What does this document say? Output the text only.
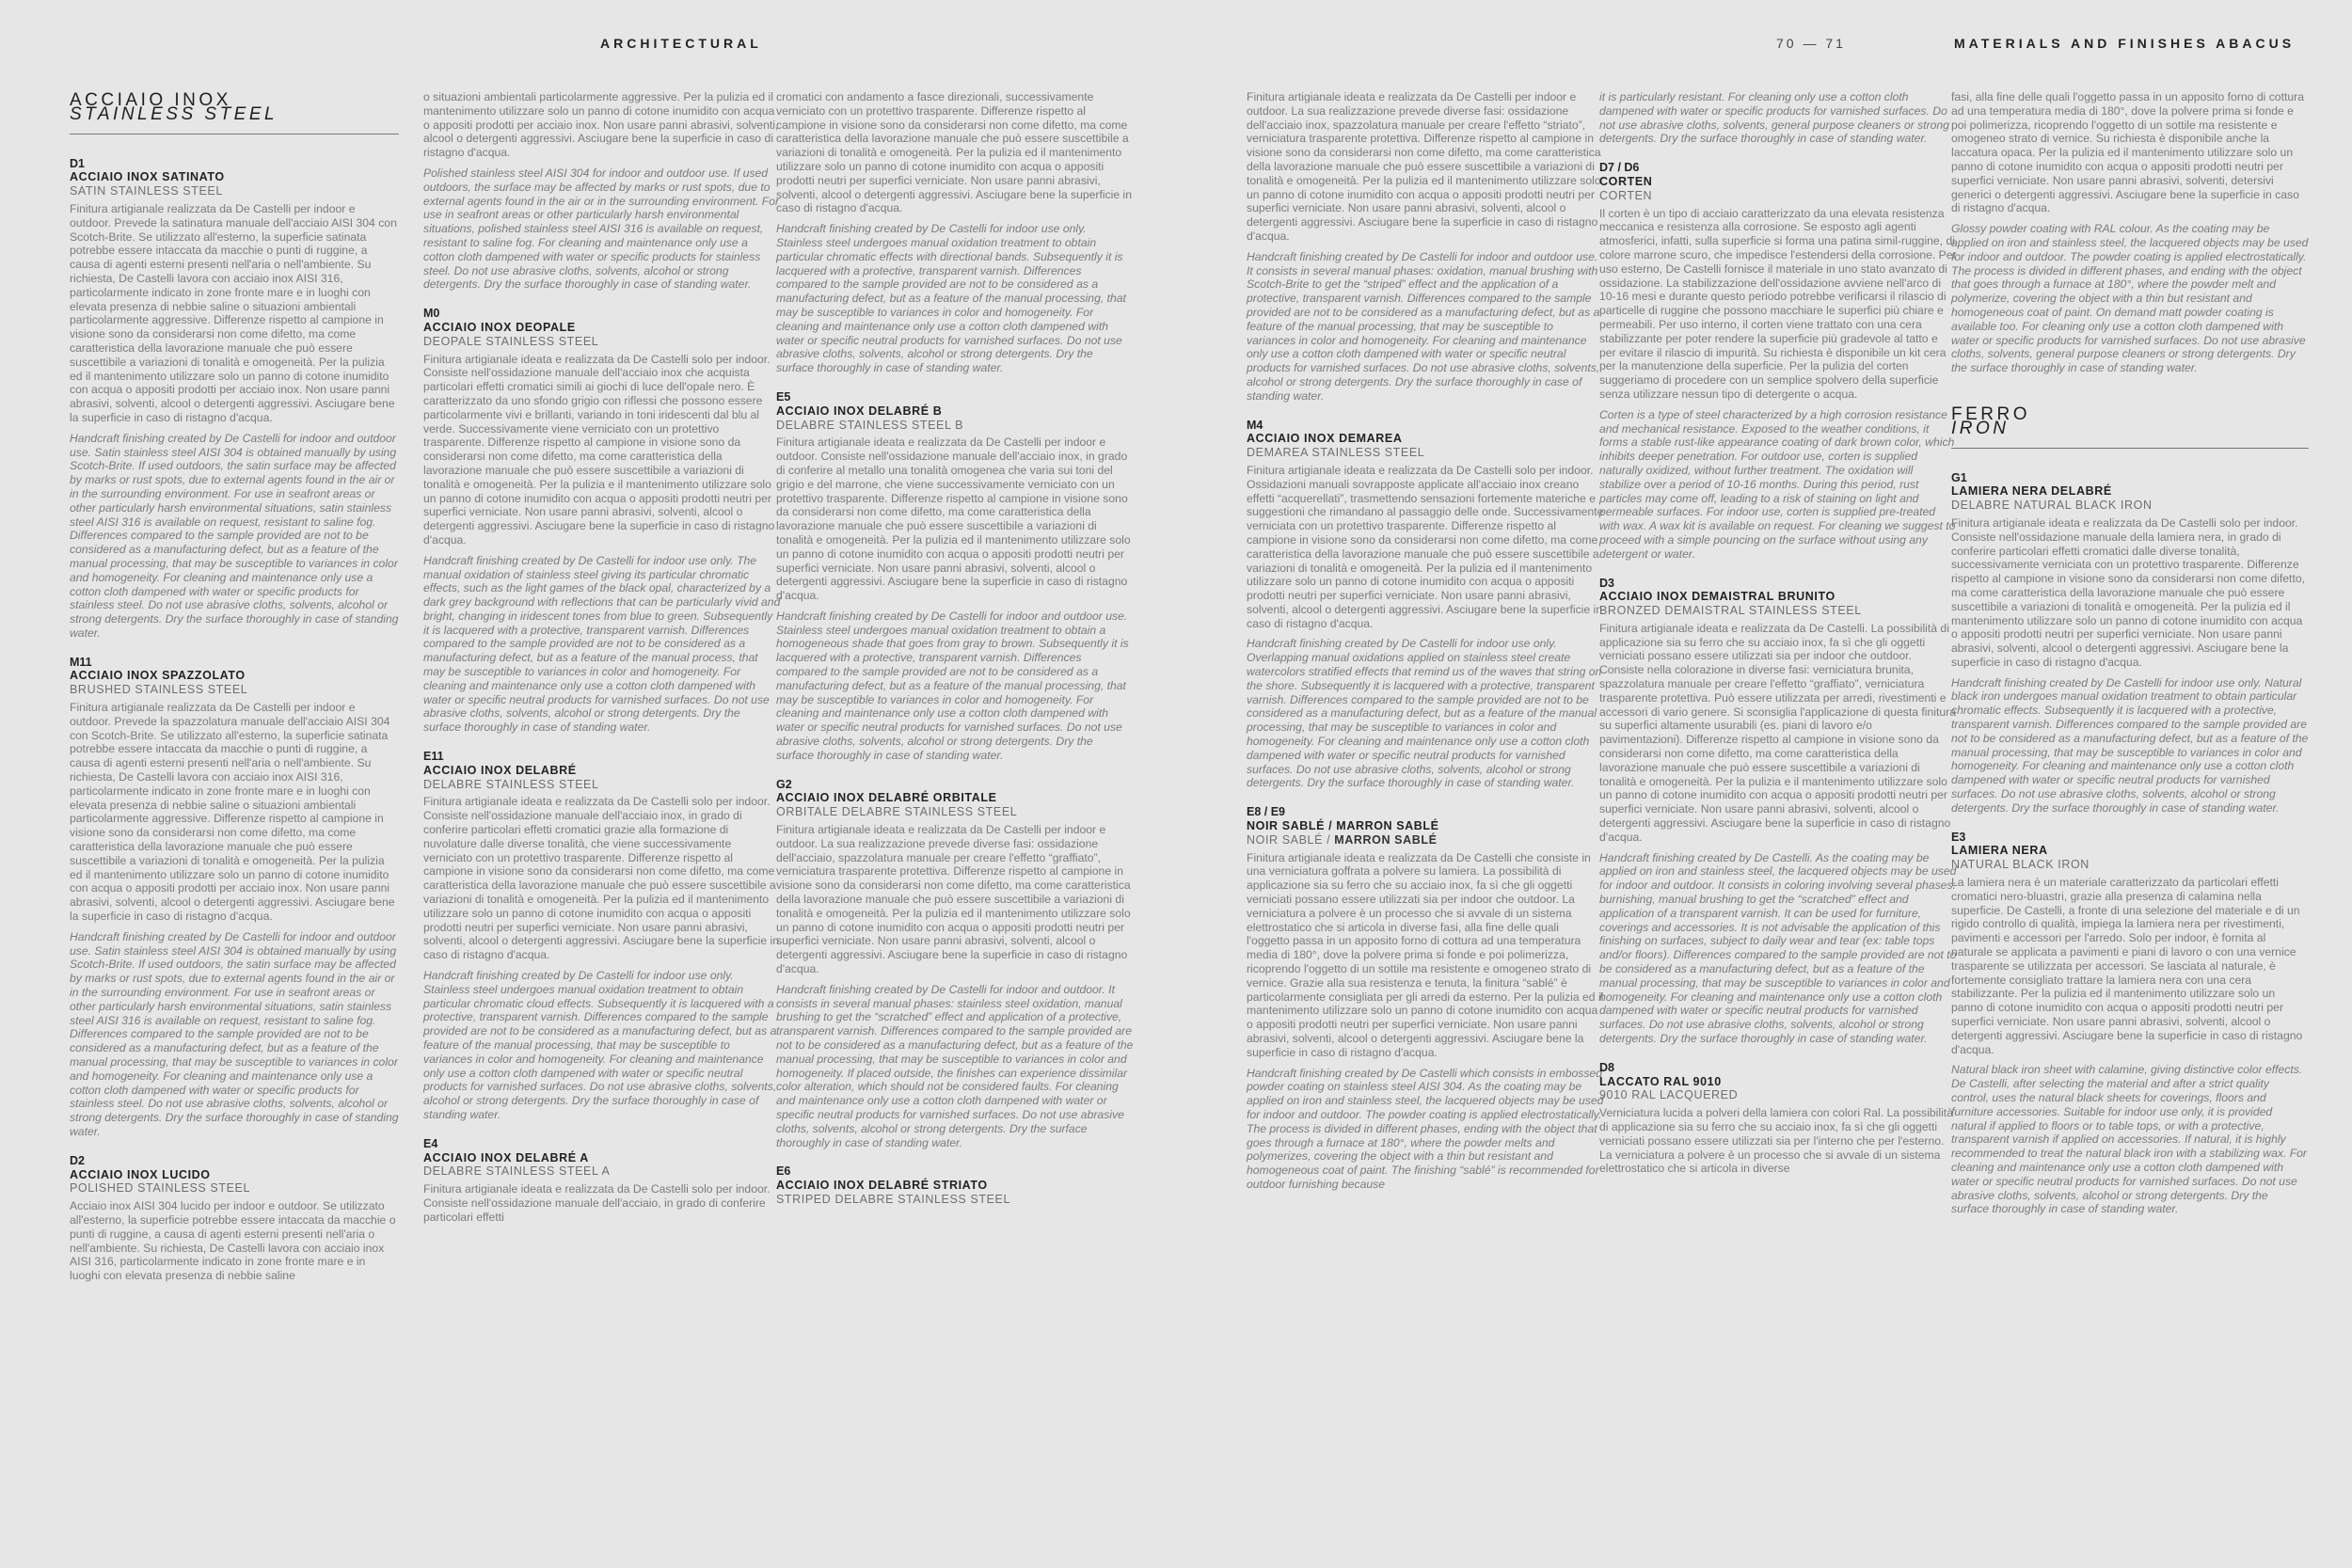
ARCHITECTURAL	70 — 71	MATERIALS AND FINISHES ABACUS
ACCIAIO INOX
STAINLESS STEEL
D1
ACCIAIO INOX SATINATO
SATIN STAINLESS STEEL

Finitura artigianale realizzata da De Castelli per indoor e outdoor. Prevede la satinatura manuale dell'acciaio AISI 304 con Scotch-Brite. Se utilizzato all'esterno, la superficie satinata potrebbe essere intaccata da macchie o punti di ruggine, a causa di agenti esterni presenti nell'aria o nell'ambiente. Su richiesta, De Castelli lavora con acciaio inox AISI 316, particolarmente indicato in zone fronte mare e in luoghi con elevata presenza di nebbie saline o situazioni ambientali particolarmente aggressive. Differenze rispetto al campione in visione sono da considerarsi non come difetto, ma come caratteristica della lavorazione manuale che può essere suscettibile a variazioni di tonalità e omogeneità. Per la pulizia ed il mantenimento utilizzare solo un panno di cotone inumidito con acqua o appositi prodotti per acciaio inox. Non usare panni abrasivi, solventi, alcool o detergenti aggressivi. Asciugare bene la superficie in caso di ristagno d'acqua.

Handcraft finishing created by De Castelli for indoor and outdoor use. Satin stainless steel AISI 304 is obtained manually by using Scotch-Brite. If used outdoors, the satin surface may be affected by marks or rust spots, due to external agents found in the air or in the surrounding environment. For use in seafront areas or other particularly harsh environmental situations, satin stainless steel AISI 316 is available on request, resistant to saline fog. Differences compared to the sample provided are not to be considered as a manufacturing defect, but as a feature of the manual processing, that may be susceptible to variances in color and homogeneity. For cleaning and maintenance only use a cotton cloth dampened with water or specific products for stainless steel. Do not use abrasive cloths, solvents, alcohol or strong detergents. Dry the surface thoroughly in case of standing water.

M11
ACCIAIO INOX SPAZZOLATO
BRUSHED STAINLESS STEEL

Finitura artigianale realizzata da De Castelli per indoor e outdoor. Prevede la spazzolatura manuale dell'acciaio AISI 304 con Scotch-Brite. Se utilizzato all'esterno, la superficie satinata potrebbe essere intaccata da macchie o punti di ruggine, a causa di agenti esterni presenti nell'aria o nell'ambiente. Su richiesta, De Castelli lavora con acciaio inox AISI 316, particolarmente indicato in zone fronte mare e in luoghi con elevata presenza di nebbie saline o situazioni ambientali particolarmente aggressive. Differenze rispetto al campione in visione sono da considerarsi non come difetto, ma come caratteristica della lavorazione manuale che può essere suscettibile a variazioni di tonalità e omogeneità. Per la pulizia ed il mantenimento utilizzare solo un panno di cotone inumidito con acqua o appositi prodotti per acciaio inox. Non usare panni abrasivi, solventi, alcool o detergenti aggressivi. Asciugare bene la superficie in caso di ristagno d'acqua.

Handcraft finishing created by De Castelli for indoor and outdoor use. Satin stainless steel AISI 304 is obtained manually by using Scotch-Brite. If used outdoors, the satin surface may be affected by marks or rust spots, due to external agents found in the air or in the surrounding environment. For use in seafront areas or other particularly harsh environmental situations, satin stainless steel AISI 316 is available on request, resistant to saline fog. Differences compared to the sample provided are not to be considered as a manufacturing defect, but as a feature of the manual processing, that may be susceptible to variances in color and homogeneity. For cleaning and maintenance only use a cotton cloth dampened with water or specific products for stainless steel. Do not use abrasive cloths, solvents, alcohol or strong detergents. Dry the surface thoroughly in case of standing water.

D2
ACCIAIO INOX LUCIDO
POLISHED STAINLESS STEEL

Acciaio inox AISI 304 lucido per indoor e outdoor. Se utilizzato all'esterno, la superficie potrebbe essere intaccata da macchie o punti di ruggine, a causa di agenti esterni presenti nell'aria o nell'ambiente. Su richiesta, De Castelli lavora con acciaio inox AISI 316, particolarmente indicato in zone fronte mare e in luoghi con elevata presenza di nebbie saline

o situazioni ambientali particolarmente aggressive. Per la pulizia ed il mantenimento utilizzare solo un panno di cotone inumidito con acqua o appositi prodotti per acciaio inox. Non usare panni abrasivi, solventi, alcool o detergenti aggressivi. Asciugare bene la superficie in caso di ristagno d'acqua.

Polished stainless steel AISI 304 for indoor and outdoor use. If used outdoors, the surface may be affected by marks or rust spots, due to external agents found in the air or in the surrounding environment. For use in seafront areas or other particularly harsh environmental situations, polished stainless steel AISI 316 is available on request, resistant to saline fog. For cleaning and maintenance only use a cotton cloth dampened with water or specific products for stainless steel. Do not use abrasive cloths, solvents, alcohol or strong detergents. Dry the surface thoroughly in case of standing water.

M0
ACCIAIO INOX DEOPALE
DEOPALE STAINLESS STEEL

Finitura artigianale ideata e realizzata da De Castelli solo per indoor. Consiste nell'ossidazione manuale dell'acciaio inox che acquista particolari effetti cromatici simili ai giochi di luce dell'opale nero. È caratterizzato da uno sfondo grigio con riflessi che possono essere particolarmente vivi e brillanti, variando in toni iridescenti dal blu al verde. Successivamente viene verniciato con un protettivo trasparente. Differenze rispetto al campione in visione sono da considerarsi non come difetto, ma come caratteristica della lavorazione manuale che può essere suscettibile a variazioni di tonalità e omogeneità. Per la pulizia e il mantenimento utilizzare solo un panno di cotone inumidito con acqua o appositi prodotti neutri per superfici verniciate. Non usare panni abrasivi, solventi, alcool o detergenti aggressivi. Asciugare bene la superficie in caso di ristagno d'acqua.

Handcraft finishing created by De Castelli for indoor use only. The manual oxidation of stainless steel giving its particular chromatic effects, such as the light games of the black opal, characterized by a dark grey background with reflections that can be particularly vivid and bright, changing in iridescent tones from blue to green. Subsequently it is lacquered with a protective, transparent varnish. Differences compared to the sample provided are not to be considered as a manufacturing defect, but as a feature of the manual process, that may be susceptible to variances in color and homogeneity. For cleaning and maintenance only use a cotton cloth dampened with water or specific neutral products for varnished surfaces. Do not use abrasive cloths, solvents, alcohol or strong detergents. Dry the surface thoroughly in case of standing water.

E11
ACCIAIO INOX DELABRÉ
DELABRE STAINLESS STEEL

Finitura artigianale ideata e realizzata da De Castelli solo per indoor. Consiste nell'ossidazione manuale dell'acciaio inox, in grado di conferire particolari effetti cromatici grazie alla formazione di nuvolature dalle diverse tonalità, che viene successivamente verniciato con un protettivo trasparente. Differenze rispetto al campione in visione sono da considerarsi non come difetto, ma come caratteristica della lavorazione manuale che può essere suscettibile a variazioni di tonalità e omogeneità. Per la pulizia ed il mantenimento utilizzare solo un panno di cotone inumidito con acqua o appositi prodotti neutri per superfici verniciate. Non usare panni abrasivi, solventi, alcool o detergenti aggressivi. Asciugare bene la superficie in caso di ristagno d'acqua.

Handcraft finishing created by De Castelli for indoor use only. Stainless steel undergoes manual oxidation treatment to obtain particular chromatic cloud effects. Subsequently it is lacquered with a protective, transparent varnish. Differences compared to the sample provided are not to be considered as a manufacturing defect, but as a feature of the manual processing, that may be susceptible to variances in color and homogeneity. For cleaning and maintenance only use a cotton cloth dampened with water or specific neutral products for varnished surfaces. Do not use abrasive cloths, solvents, alcohol or strong detergents. Dry the surface thoroughly in case of standing water.

E4
ACCIAIO INOX DELABRÉ A
DELABRE STAINLESS STEEL A

Finitura artigianale ideata e realizzata da De Castelli solo per indoor. Consiste nell'ossidazione manuale dell'acciaio, in grado di conferire particolari effetti

cromatici con andamento a fasce direzionali, successivamente verniciato con un protettivo trasparente. Differenze rispetto al campione in visione sono da considerarsi non come difetto, ma come caratteristica della lavorazione manuale che può essere suscettibile a variazioni di tonalità e omogeneità. Per la pulizia ed il mantenimento utilizzare solo un panno di cotone inumidito con acqua o appositi prodotti neutri per superfici verniciate. Non usare panni abrasivi, solventi, alcool o detergenti aggressivi. Asciugare bene la superficie in caso di ristagno d'acqua.

Handcraft finishing created by De Castelli for indoor use only. Stainless steel undergoes manual oxidation treatment to obtain particular chromatic effects with directional bands. Subsequently it is lacquered with a protective, transparent varnish. Differences compared to the sample provided are not to be considered as a manufacturing defect, but as a feature of the manual processing, that may be susceptible to variances in color and homogeneity. For cleaning and maintenance only use a cotton cloth dampened with water or specific neutral products for varnished surfaces. Do not use abrasive cloths, solvents, alcohol or strong detergents. Dry the surface thoroughly in case of standing water.

E5
ACCIAIO INOX DELABRÉ B
DELABRE STAINLESS STEEL B

Finitura artigianale ideata e realizzata da De Castelli per indoor e outdoor. Consiste nell'ossidazione manuale dell'acciaio inox, in grado di conferire al metallo una tonalità omogenea che varia sui toni del grigio e del marrone, che viene successivamente verniciato con un protettivo trasparente. Differenze rispetto al campione in visione sono da considerarsi non come difetto, ma come caratteristica della lavorazione manuale che può essere suscettibile a variazioni di tonalità e omogeneità. Per la pulizia ed il mantenimento utilizzare solo un panno di cotone inumidito con acqua o appositi prodotti neutri per superfici verniciate. Non usare panni abrasivi, solventi, alcool o detergenti aggressivi. Asciugare bene la superficie in caso di ristagno d'acqua.

Handcraft finishing created by De Castelli for indoor and outdoor use. Stainless steel undergoes manual oxidation treatment to obtain a homogeneous shade that goes from gray to brown. Subsequently it is lacquered with a protective, transparent varnish. Differences compared to the sample provided are not to be considered as a manufacturing defect, but as a feature of the manual processing, that may be susceptible to variances in color and homogeneity. For cleaning and maintenance only use a cotton cloth dampened with water or specific neutral products for varnished surfaces. Do not use abrasive cloths, solvents, alcohol or strong detergents. Dry the surface thoroughly in case of standing water.

G2
ACCIAIO INOX DELABRÉ ORBITALE
ORBITALE DELABRE STAINLESS STEEL

Finitura artigianale ideata e realizzata da De Castelli per indoor e outdoor. La sua realizzazione prevede diverse fasi: ossidazione dell'acciaio, spazzolatura manuale per creare l'effetto “graffiato”, verniciatura trasparente protettiva. Differenze rispetto al campione in visione sono da considerarsi non come difetto, ma come caratteristica della lavorazione manuale che può essere suscettibile a variazioni di tonalità e omogeneità. Per la pulizia ed il mantenimento utilizzare solo un panno di cotone inumidito con acqua o appositi prodotti neutri per superfici verniciate. Non usare panni abrasivi, solventi, alcool o detergenti aggressivi. Asciugare bene la superficie in caso di ristagno d'acqua.

Handcraft finishing created by De Castelli for indoor and outdoor. It consists in several manual phases: stainless steel oxidation, manual brushing to get the “scratched” effect and application of a protective, transparent varnish. Differences compared to the sample provided are not to be considered as a manufacturing defect, but as a feature of the manual processing, that may be susceptible to variances in color and homogeneity. If placed outside, the finishes can experience dissimilar color alteration, which should not be considered faults. For cleaning and maintenance only use a cotton cloth dampened with water or specific neutral products for varnished surfaces. Do not use abrasive cloths, solvents, alcohol or strong detergents. Dry the surface thoroughly in case of standing water.

E6
ACCIAIO INOX DELABRÉ STRIATO
STRIPED DELABRE STAINLESS STEEL

Finitura artigianale ideata e realizzata da De Castelli per indoor e outdoor. La sua realizzazione prevede diverse fasi: ossidazione dell'acciaio inox, spazzolatura manuale per creare l'effetto “striato”, verniciatura trasparente protettiva. Differenze rispetto al campione in visione sono da considerarsi non come difetto, ma come caratteristica della lavorazione manuale che può essere suscettibile a variazioni di tonalità e omogeneità. Per la pulizia ed il mantenimento utilizzare solo un panno di cotone inumidito con acqua o appositi prodotti neutri per superfici verniciate. Non usare panni abrasivi, solventi, alcool o detergenti aggressivi. Asciugare bene la superficie in caso di ristagno d'acqua.

Handcraft finishing created by De Castelli for indoor and outdoor use. It consists in several manual phases: oxidation, manual brushing with Scotch-Brite to get the “striped” effect and the application of a protective, transparent varnish. Differences compared to the sample provided are not to be considered as a manufacturing defect, but as a feature of the manual processing, that may be susceptible to variances in color and homogeneity. For cleaning and maintenance only use a cotton cloth dampened with water or specific neutral products for varnished surfaces. Do not use abrasive cloths, solvents, alcohol or strong detergents. Dry the surface thoroughly in case of standing water.

M4
ACCIAIO INOX DEMAREA
DEMAREA STAINLESS STEEL

Finitura artigianale ideata e realizzata da De Castelli solo per indoor. Ossidazioni manuali sovrapposte applicate all'acciaio inox creano effetti “acquerellati”, trasmettendo sensazioni fortemente materiche e suggestioni che rimandano al passaggio delle onde. Successivamente verniciata con un protettivo trasparente. Differenze rispetto al campione in visione sono da considerarsi non come difetto, ma come caratteristica della lavorazione manuale che può essere suscettibile a variazioni di tonalità e omogeneità. Per la pulizia ed il mantenimento utilizzare solo un panno di cotone inumidito con acqua o appositi prodotti neutri per superfici verniciate. Non usare panni abrasivi, solventi, alcool o detergenti aggressivi. Asciugare bene la superficie in caso di ristagno d'acqua.

Handcraft finishing created by De Castelli for indoor use only. Overlapping manual oxidations applied on stainless steel create watercolors stratified effects that remind us of the waves that string on the shore. Subsequently it is lacquered with a protective, transparent varnish. Differences compared to the sample provided are not to be considered as a manufacturing defect, but as a feature of the manual processing, that may be susceptible to variances in color and homogeneity. For cleaning and maintenance only use a cotton cloth dampened with water or specific neutral products for varnished surfaces. Do not use abrasive cloths, solvents, alcohol or strong detergents. Dry the surface thoroughly in case of standing water.

E8 / E9
NOIR SABLÉ / MARRON SABLÉ
NOIR SABLÉ / MARRON SABLÉ

Finitura artigianale ideata e realizzata da De Castelli che consiste in una verniciatura goffrata a polvere su lamiera. La possibilità di applicazione sia su ferro che su acciaio inox, fa sì che gli oggetti verniciati possano essere utilizzati sia per indoor che outdoor. La verniciatura a polvere è un processo che si avvale di un sistema elettrostatico che si articola in diverse fasi, alla fine delle quali l'oggetto passa in un apposito forno di cottura ad una temperatura media di 180°, dove la polvere prima si fonde e poi polimerizza, ricoprendo l'oggetto di un sottile ma resistente e omogeneo strato di vernice. Grazie alla sua resistenza e tenuta, la finitura “sablé” è particolarmente consigliata per gli arredi da esterno. Per la pulizia ed il mantenimento utilizzare solo un panno di cotone inumidito con acqua o appositi prodotti neutri per superfici verniciate. Non usare panni abrasivi, solventi, alcool o detergenti aggressivi. Asciugare bene la superficie in caso di ristagno d'acqua.

Handcraft finishing created by De Castelli which consists in embossed powder coating on stainless steel AISI 304. As the coating may be applied on iron and stainless steel, the lacquered objects may be used for indoor and outdoor. The powder coating is applied electrostatically. The process is divided in different phases, ending with the object that goes through a furnace at 180°, where the powder melts and polymerizes, covering the object with a thin but resistant and homogeneous coat of paint. The finishing “sablé” is recommended for outdoor furnishing because

it is particularly resistant. For cleaning only use a cotton cloth dampened with water or specific products for varnished surfaces. Do not use abrasive cloths, solvents, general purpose cleaners or strong detergents. Dry the surface thoroughly in case of standing water.

D7 / D6
CORTEN
CORTEN

Il corten è un tipo di acciaio caratterizzato da una elevata resistenza meccanica e resistenza alla corrosione. Se esposto agli agenti atmosferici, infatti, sulla superficie si forma una patina simil-ruggine, di colore marrone scuro, che impedisce l'estendersi della corrosione. Per uso esterno, De Castelli fornisce il materiale in uno stato avanzato di ossidazione. La stabilizzazione dell'ossidazione avviene nell'arco di 10-16 mesi e durante questo periodo potrebbe verificarsi il rilascio di particelle di ruggine che possono macchiare le superfici più chiare e permeabili. Per uso interno, il corten viene trattato con una cera stabilizzante per poter rendere la superficie più gradevole al tatto e per evitare il rilascio di impurità. Su richiesta è disponibile un kit cera per la manutenzione della superficie. Per la pulizia del corten suggeriamo di procedere con un semplice spolvero della superficie senza utilizzare nessun tipo di detergente o acqua.

Corten is a type of steel characterized by a high corrosion resistance and mechanical resistance. Exposed to the weather conditions, it forms a stable rust-like appearance coating of dark brown color, which inhibits deeper penetration. For outdoor use, corten is supplied naturally oxidized, without further treatment. The oxidation will stabilize over a period of 10-16 months. During this period, rust particles may come off, leading to a risk of staining on light and permeable surfaces. For indoor use, corten is supplied pre-treated with wax. A wax kit is available on request. For cleaning we suggest to proceed with a simple pouncing on the surface without using any detergent or water.

D3
ACCIAIO INOX DEMAISTRAL BRUNITO
BRONZED DEMAISTRAL STAINLESS STEEL

Finitura artigianale ideata e realizzata da De Castelli. La possibilità di applicazione sia su ferro che su acciaio inox, fa sì che gli oggetti verniciati possano essere utilizzati sia per indoor che outdoor. Consiste nella colorazione in diverse fasi: verniciatura brunita, spazzolatura manuale per creare l'effetto “graffiato”, verniciatura trasparente protettiva. Può essere utilizzata per arredi, rivestimenti e accessori di vario genere. Si sconsiglia l'applicazione di questa finitura su superfici altamente usurabili (es. piani di lavoro e/o pavimentazioni). Differenze rispetto al campione in visione sono da considerarsi non come difetto, ma come caratteristica della lavorazione manuale che può essere suscettibile a variazioni di tonalità e omogeneità. Per la pulizia e il mantenimento utilizzare solo un panno di cotone inumidito con acqua o appositi prodotti neutri per superfici verniciate. Non usare panni abrasivi, solventi, alcool o detergenti aggressivi. Asciugare bene la superficie in caso di ristagno d'acqua.

Handcraft finishing created by De Castelli. As the coating may be applied on iron and stainless steel, the lacquered objects may be used for indoor and outdoor. It consists in coloring involving several phases: burnishing, manual brushing to get the “scratched” effect and application of a transparent varnish. It can be used for furniture, coverings and accessories. It is not advisable the application of this finishing on surfaces, subject to daily wear and tear (ex: table tops and/or floors). Differences compared to the sample provided are not to be considered as a manufacturing defect, but as a feature of the manual processing, that may be susceptible to variances in color and homogeneity. For cleaning and maintenance only use a cotton cloth dampened with water or specific neutral products for varnished surfaces. Do not use abrasive cloths, solvents, alcohol or strong detergents. Dry the surface thoroughly in case of standing water.

D8
LACCATO RAL 9010
9010 RAL LACQUERED

Verniciatura lucida a polveri della lamiera con colori Ral. La possibilità di applicazione sia su ferro che su acciaio inox, fa sì che gli oggetti verniciati possano essere utilizzati sia per l'interno che per l'esterno. La verniciatura a polvere è un processo che si avvale di un sistema elettrostatico che si articola in diverse

fasi, alla fine delle quali l'oggetto passa in un apposito forno di cottura ad una temperatura media di 180°, dove la polvere prima si fonde e poi polimerizza, ricoprendo l'oggetto di un sottile ma resistente e omogeneo strato di vernice. Su richiesta è disponibile anche la laccatura opaca. Per la pulizia ed il mantenimento utilizzare solo un panno di cotone inumidito con acqua o appositi prodotti neutri per superfici verniciate. Non usare panni abrasivi, solventi, detersivi generici o detergenti aggressivi. Asciugare bene la superficie in caso di ristagno d'acqua.

Glossy powder coating with RAL colour. As the coating may be applied on iron and stainless steel, the lacquered objects may be used for indoor and outdoor. The powder coating is applied electrostatically. The process is divided in different phases, and ending with the object that goes through a furnace at 180°, where the powder melt and polymerize, covering the object with a thin but resistant and homogeneous coat of paint. On demand matt powder coating is available too. For cleaning only use a cotton cloth dampened with water or specific products for varnished surfaces. Do not use abrasive cloths, solvents, general purpose cleaners or strong detergents. Dry the surface thoroughly in case of standing water.

FERRO
IRON
G1
LAMIERA NERA DELABRÉ
DELABRE NATURAL BLACK IRON

Finitura artigianale ideata e realizzata da De Castelli solo per indoor. Consiste nell'ossidazione manuale della lamiera nera, in grado di conferire particolari effetti cromatici dalle diverse tonalità, successivamente verniciata con un protettivo trasparente. Differenze rispetto al campione in visione sono da considerarsi non come difetto, ma come caratteristica della lavorazione manuale che può essere suscettibile a variazioni di tonalità e omogeneità. Per la pulizia ed il mantenimento utilizzare solo un panno di cotone inumidito con acqua o appositi prodotti neutri per superfici verniciate. Non usare panni abrasivi, solventi, alcool o detergenti aggressivi. Asciugare bene la superficie in caso di ristagno d'acqua.

Handcraft finishing created by De Castelli for indoor use only. Natural black iron undergoes manual oxidation treatment to obtain particular chromatic effects. Subsequently it is lacquered with a protective, transparent varnish. Differences compared to the sample provided are not to be considered as a manufacturing defect, but as a feature of the manual processing, that may be susceptible to variances in color and homogeneity. For cleaning and maintenance only use a cotton cloth dampened with water or specific neutral products for varnished surfaces. Do not use abrasive cloths, solvents, alcohol or strong detergents. Dry the surface thoroughly in case of standing water.

E3
LAMIERA NERA
NATURAL BLACK IRON

La lamiera nera è un materiale caratterizzato da particolari effetti cromatici nero-bluastri, grazie alla presenza di calamina nella superficie. De Castelli, a fronte di una selezione del materiale e di un rigido controllo di qualità, impiega la lamiera nera per rivestimenti, pavimenti e accessori per l'arredo. Solo per indoor, è fornita al naturale se applicata a pavimenti e piani di lavoro o con una vernice trasparente se utilizzata per accessori. Se lasciata al naturale, è fortemente consigliato trattare la lamiera nera con una cera stabilizzante. Per la pulizia ed il mantenimento utilizzare solo un panno di cotone inumidito con acqua o appositi prodotti neutri per superfici verniciate. Non usare panni abrasivi, solventi, alcool o detergenti aggressivi. Asciugare bene la superficie in caso di ristagno d'acqua.

Natural black iron sheet with calamine, giving distinctive color effects. De Castelli, after selecting the material and after a strict quality control, uses the natural black sheets for coverings, floors and furniture accessories. Suitable for indoor use only, it is provided natural if applied to floors or to table tops, or with a protective, transparent varnish if applied on accessories. If natural, it is highly recommended to treat the natural black iron with a stabilizing wax. For cleaning and maintenance only use a cotton cloth dampened with water or specific neutral products for varnished surfaces. Do not use abrasive cloths, solvents, alcohol or strong detergents. Dry the surface thoroughly in case of standing water.
